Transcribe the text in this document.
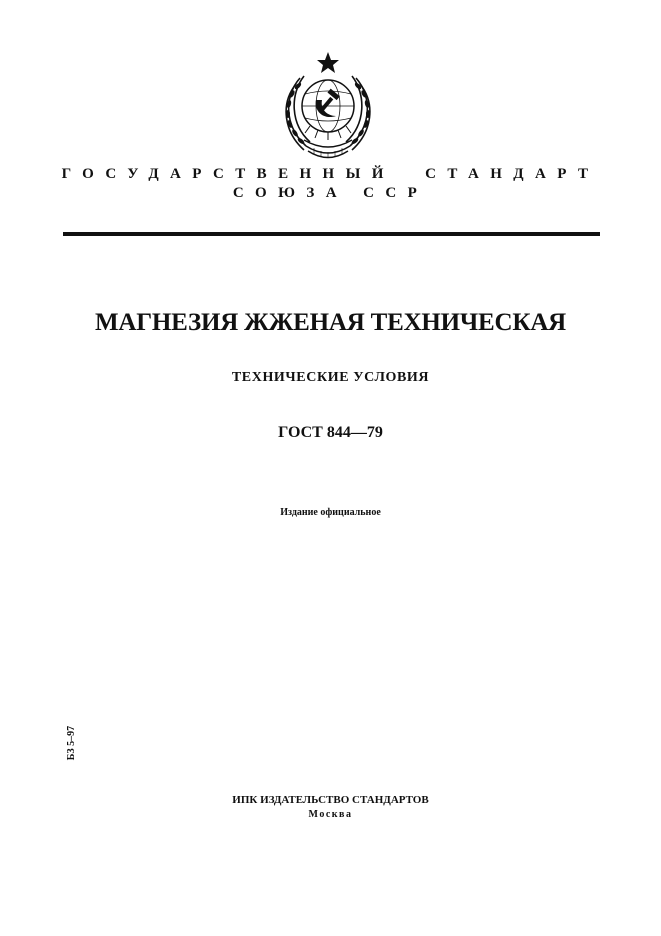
ГОСУДАРСТВЕННЫЙ  СТАНДАРТ
СОЮЗА ССР
МАГНЕЗИЯ ЖЖЕНАЯ ТЕХНИЧЕСКАЯ
ТЕХНИЧЕСКИЕ УСЛОВИЯ
ГОСТ 844—79
Издание официальное
БЗ 5–97
ИПК ИЗДАТЕЛЬСТВО СТАНДАРТОВ
Москва
